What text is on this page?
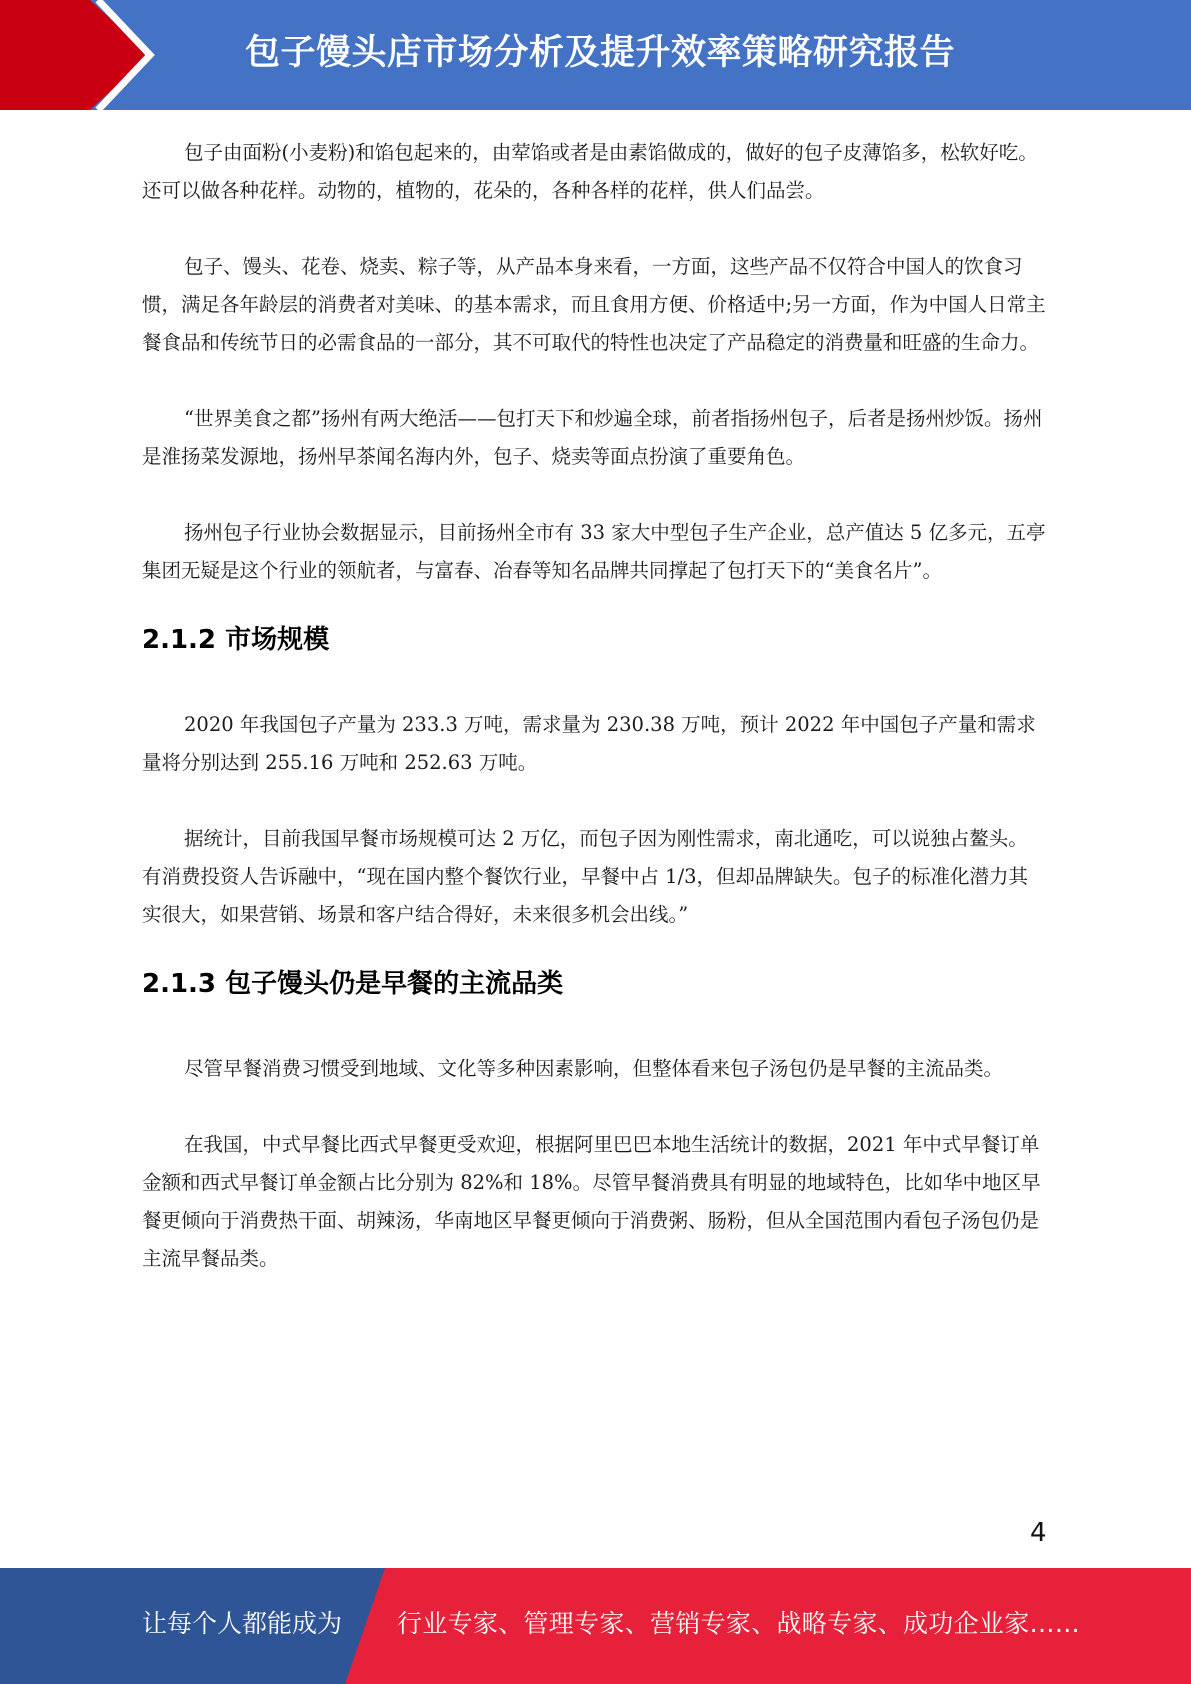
包子馒头店市场分析及提升效率策略研究报告

包子由面粉(小麦粉)和馅包起来的，由荤馅或者是由素馅做成的，做好的包子皮薄馅多，松软好吃。还可以做各种花样。动物的，植物的，花朵的，各种各样的花样，供人们品尝。

包子、馒头、花卷、烧卖、粽子等，从产品本身来看，一方面，这些产品不仅符合中国人的饮食习惯，满足各年龄层的消费者对美味、的基本需求，而且食用方便、价格适中;另一方面，作为中国人日常主餐食品和传统节日的必需食品的一部分，其不可取代的特性也决定了产品稳定的消费量和旺盛的生命力。

“世界美食之都”扬州有两大绝活——包打天下和炒遍全球，前者指扬州包子，后者是扬州炒饭。扬州是淮扬菜发源地，扬州早茶闻名海内外，包子、烧卖等面点扮演了重要角色。

扬州包子行业协会数据显示，目前扬州全市有 33 家大中型包子生产企业，总产值达 5 亿多元，五亭集团无疑是这个行业的领航者，与富春、冶春等知名品牌共同撑起了包打天下的“美食名片”。

2.1.2 市场规模

2020 年我国包子产量为 233.3 万吨，需求量为 230.38 万吨，预计 2022 年中国包子产量和需求量将分别达到 255.16 万吨和 252.63 万吨。

据统计，目前我国早餐市场规模可达 2 万亿，而包子因为刚性需求，南北通吃，可以说独占鳌头。有消费投资人告诉融中，“现在国内整个餐饮行业，早餐中占 1/3，但却品牌缺失。包子的标准化潜力其实很大，如果营销、场景和客户结合得好，未来很多机会出线。”

2.1.3 包子馒头仍是早餐的主流品类

尽管早餐消费习惯受到地域、文化等多种因素影响，但整体看来包子汤包仍是早餐的主流品类。

在我国，中式早餐比西式早餐更受欢迎，根据阿里巴巴本地生活统计的数据，2021 年中式早餐订单金额和西式早餐订单金额占比分别为 82%和 18%。尽管早餐消费具有明显的地域特色，比如华中地区早餐更倾向于消费热干面、胡辣汤，华南地区早餐更倾向于消费粥、肠粉，但从全国范围内看包子汤包仍是主流早餐品类。

4
让每个人都能成为 行业专家、管理专家、营销专家、战略专家、成功企业家……
